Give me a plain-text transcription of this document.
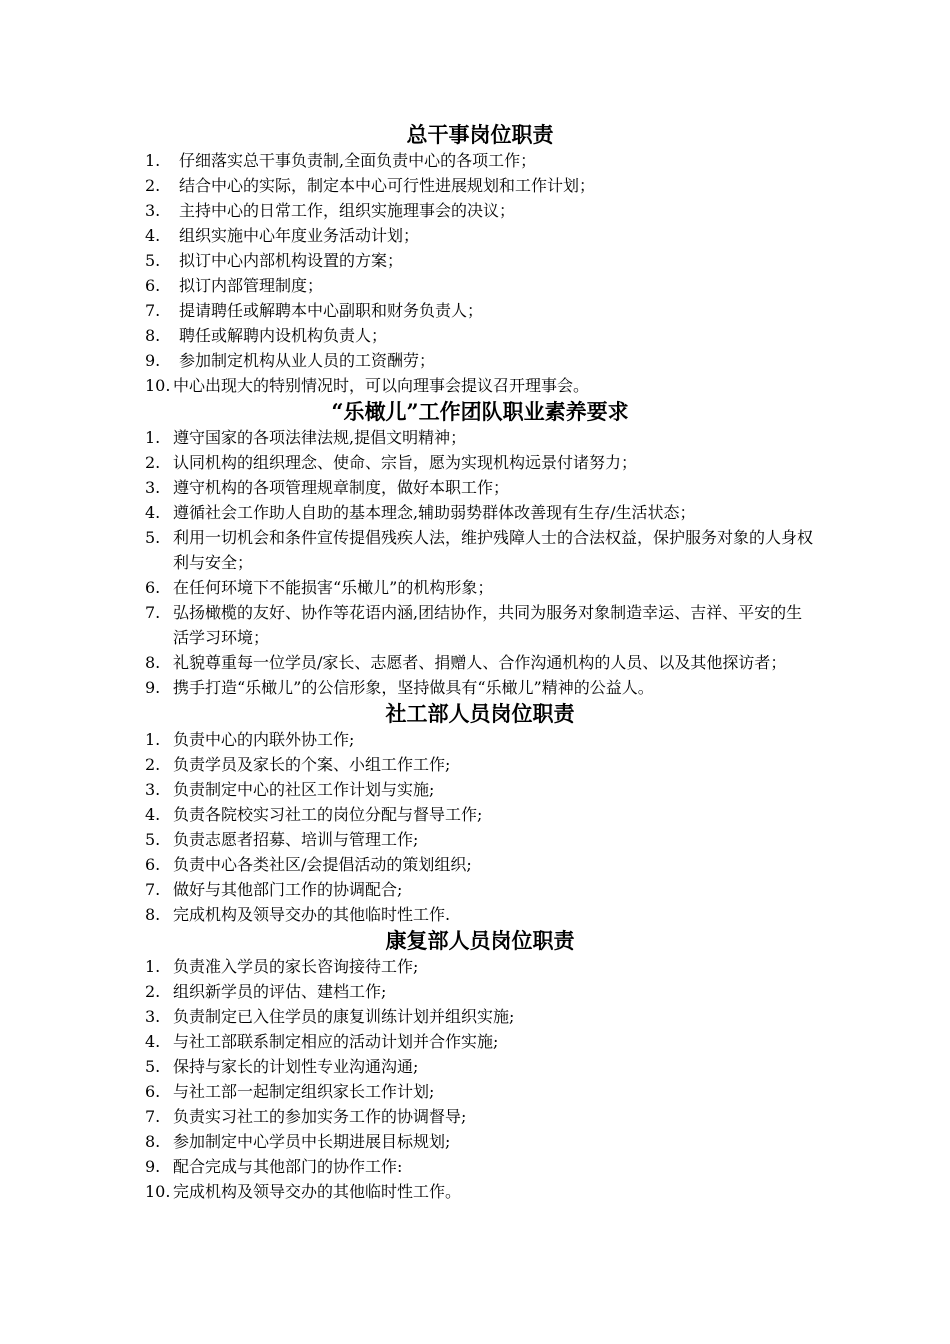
总干事岗位职责
1. 仔细落实总干事负责制,全面负责中心的各项工作；
2. 结合中心的实际，制定本中心可行性进展规划和工作计划；
3. 主持中心的日常工作，组织实施理事会的决议；
4. 组织实施中心年度业务活动计划；
5. 拟订中心内部机构设置的方案；
6. 拟订内部管理制度；
7. 提请聘任或解聘本中心副职和财务负责人；
8. 聘任或解聘内设机构负责人；
9. 参加制定机构从业人员的工资酬劳；
10. 中心出现大的特别情况时，可以向理事会提议召开理事会。
“乐橄儿”工作团队职业素养要求
1. 遵守国家的各项法律法规,提倡文明精神；
2. 认同机构的组织理念、使命、宗旨，愿为实现机构远景付诸努力；
3. 遵守机构的各项管理规章制度，做好本职工作；
4. 遵循社会工作助人自助的基本理念,辅助弱势群体改善现有生存/生活状态；
5. 利用一切机会和条件宣传提倡残疾人法，维护残障人士的合法权益，保护服务对象的人身权利与安全；
6. 在任何环境下不能损害“乐橄儿”的机构形象；
7. 弘扬橄榄的友好、协作等花语内涵,团结协作，共同为服务对象制造幸运、吉祥、平安的生活学习环境；
8. 礼貌尊重每一位学员/家长、志愿者、捐赠人、合作沟通机构的人员、以及其他探访者；
9. 携手打造“乐橄儿”的公信形象，坚持做具有“乐橄儿”精神的公益人。
社工部人员岗位职责
1. 负责中心的内联外协工作;
2. 负责学员及家长的个案、小组工作工作;
3. 负责制定中心的社区工作计划与实施;
4. 负责各院校实习社工的岗位分配与督导工作;
5. 负责志愿者招募、培训与管理工作;
6. 负责中心各类社区/会提倡活动的策划组织;
7. 做好与其他部门工作的协调配合;
8. 完成机构及领导交办的其他临时性工作.
康复部人员岗位职责
1. 负责准入学员的家长咨询接待工作;
2. 组织新学员的评估、建档工作;
3. 负责制定已入住学员的康复训练计划并组织实施;
4. 与社工部联系制定相应的活动计划并合作实施;
5. 保持与家长的计划性专业沟通沟通;
6. 与社工部一起制定组织家长工作计划;
7. 负责实习社工的参加实务工作的协调督导;
8. 参加制定中心学员中长期进展目标规划;
9. 配合完成与其他部门的协作工作:
10. 完成机构及领导交办的其他临时性工作。
